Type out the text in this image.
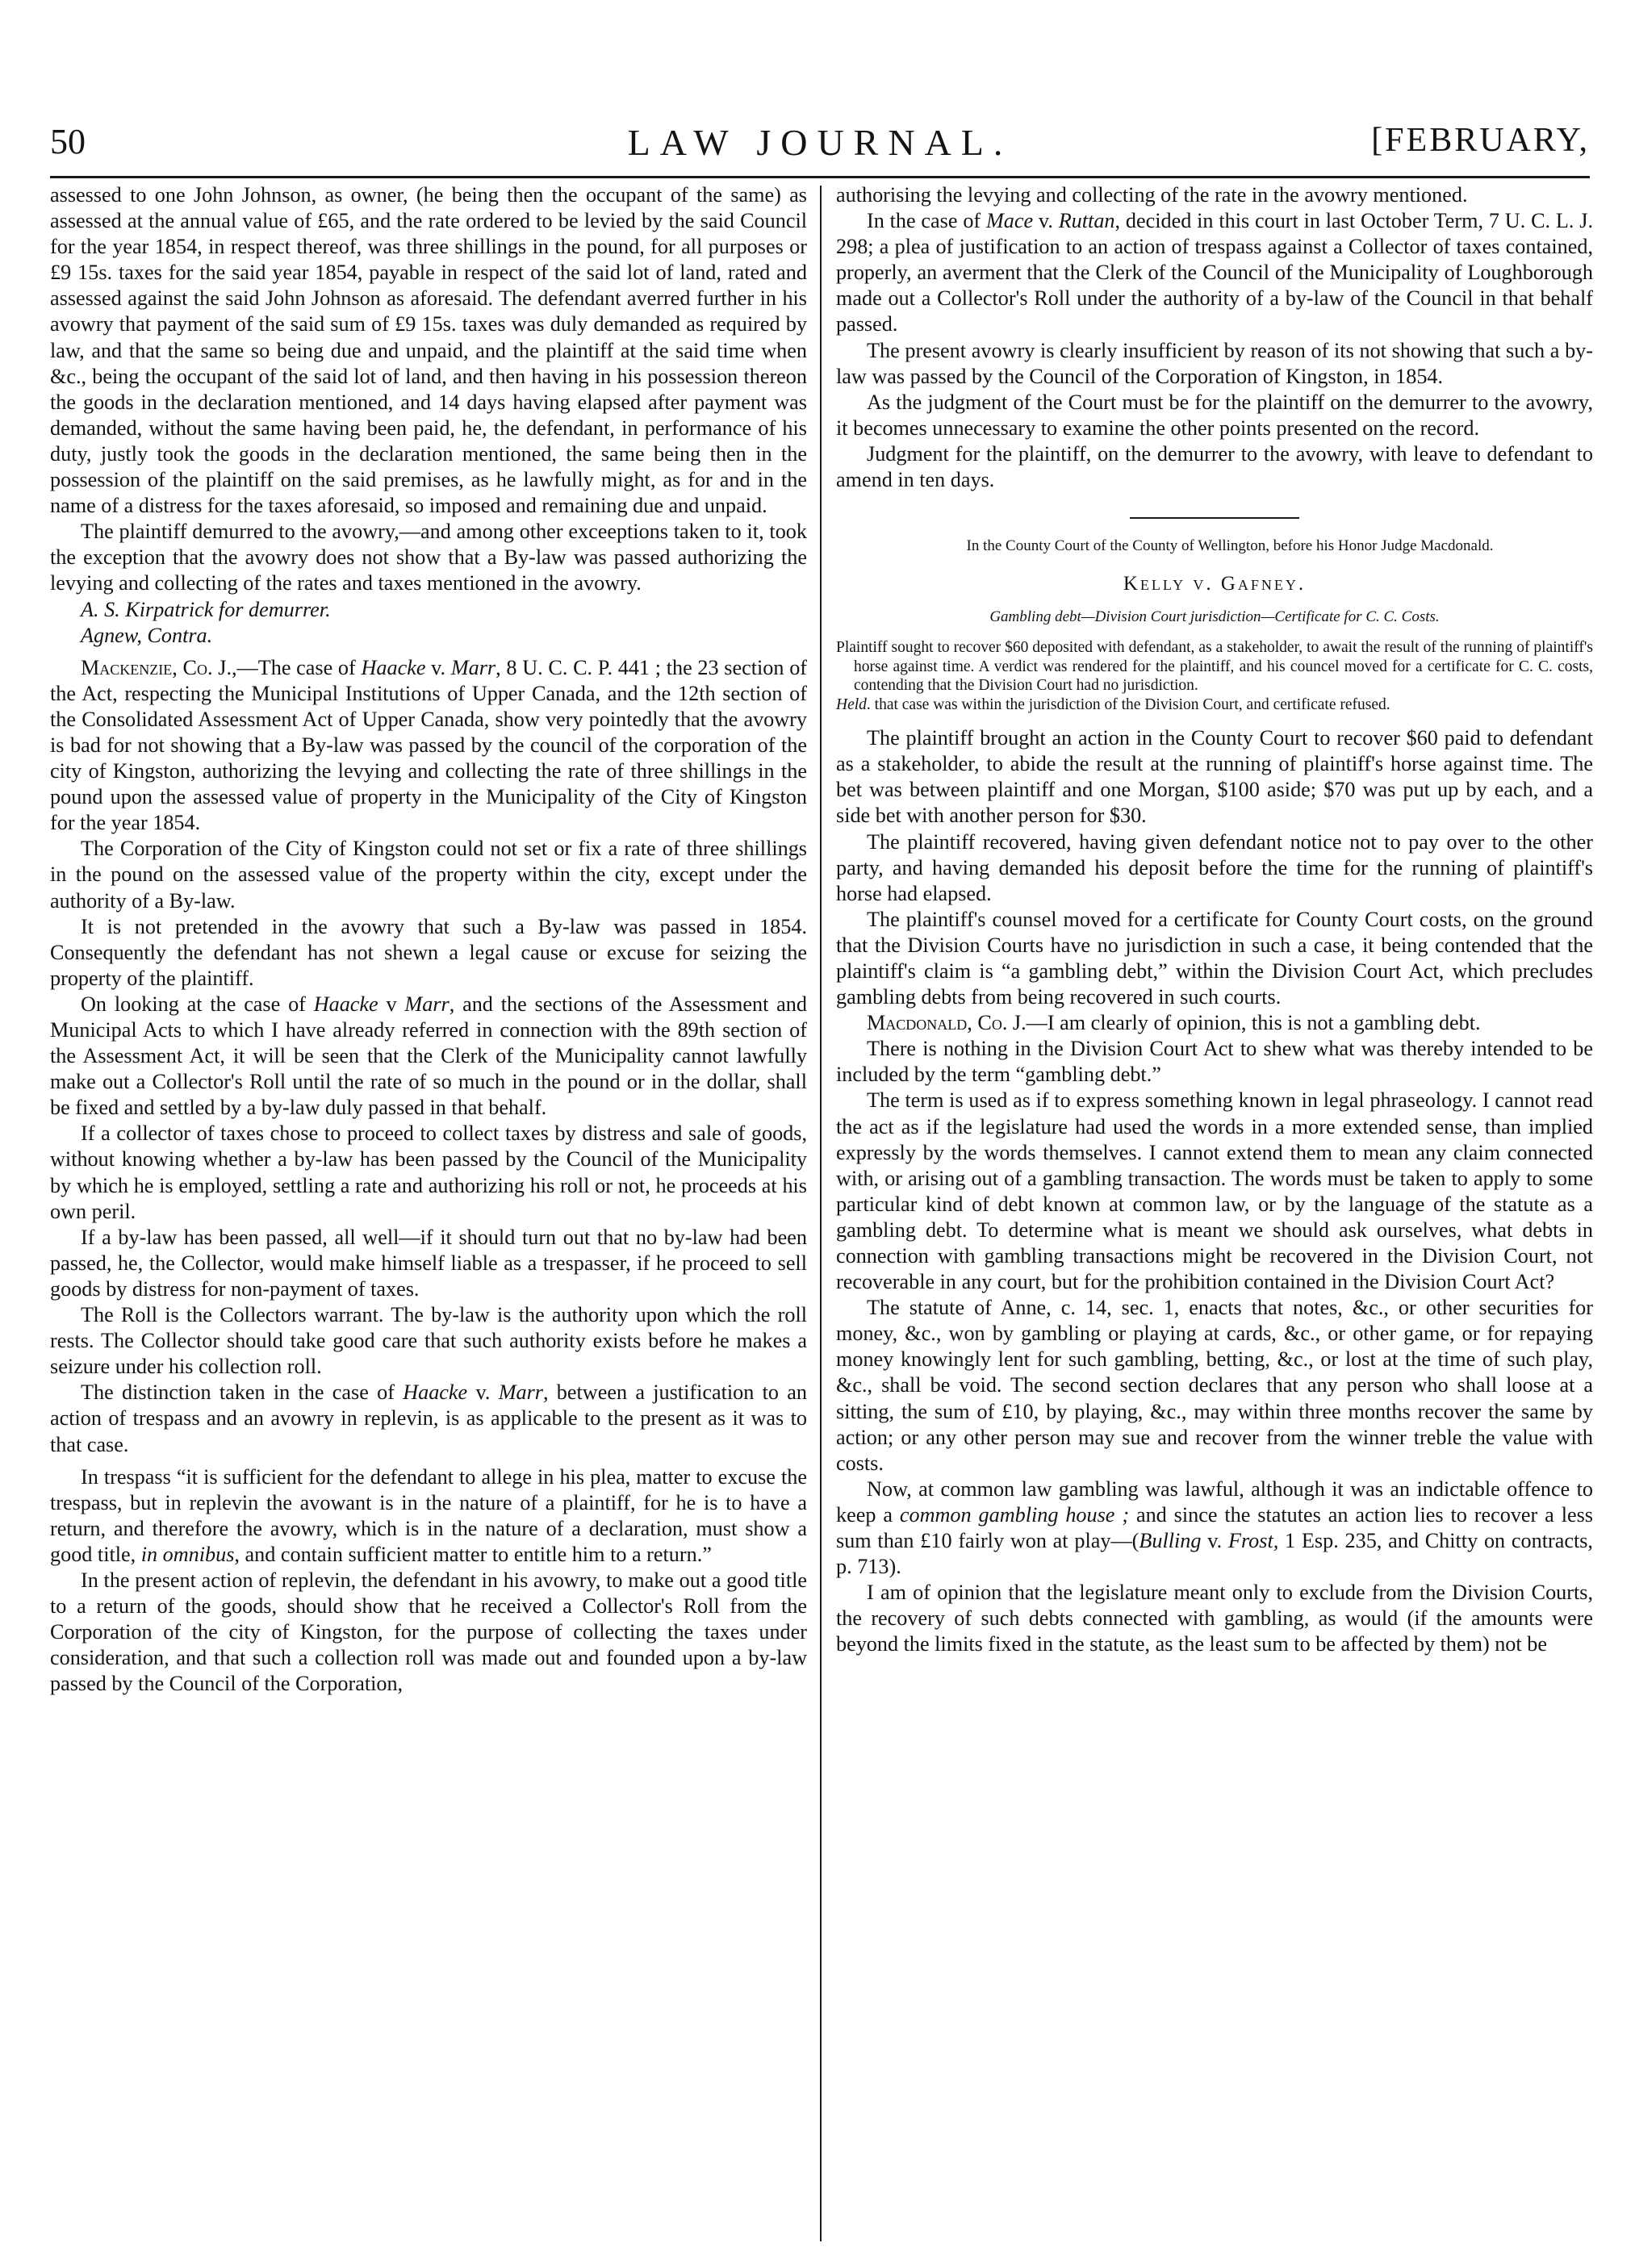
50	LAW JOURNAL.	[FEBRUARY,

assessed to one John Johnson, as owner, (he being then the occupant of the same) as assessed at the annual value of £65, and the rate ordered to be levied by the said Council for the year 1854, in respect thereof, was three shillings in the pound, for all purposes or £9 15s. taxes for the said year 1854, payable in respect of the said lot of land, rated and assessed against the said John Johnson as aforesaid. The defendant averred further in his avowry that payment of the said sum of £9 15s. taxes was duly demanded as required by law, and that the same so being due and unpaid, and the plaintiff at the said time when &c., being the occupant of the said lot of land, and then having in his possession thereon the goods in the declaration mentioned, and 14 days having elapsed after payment was demanded, without the same having been paid, he, the defendant, in performance of his duty, justly took the goods in the declaration mentioned, the same being then in the possession of the plaintiff on the said premises, as he lawfully might, as for and in the name of a distress for the taxes aforesaid, so imposed and remaining due and unpaid.

The plaintiff demurred to the avowry,—and among other exceeptions taken to it, took the exception that the avowry does not show that a By-law was passed authorizing the levying and collecting of the rates and taxes mentioned in the avowry.

A. S. Kirpatrick for demurrer.

Agnew, Contra.

Mackenzie, Co. J.,—The case of Haacke v. Marr, 8 U. C. C. P. 441 ; the 23 section of the Act, respecting the Municipal Institutions of Upper Canada, and the 12th section of the Consolidated Assessment Act of Upper Canada, show very pointedly that the avowry is bad for not showing that a By-law was passed by the council of the corporation of the city of Kingston, authorizing the levying and collecting the rate of three shillings in the pound upon the assessed value of property in the Municipality of the City of Kingston for the year 1854.

The Corporation of the City of Kingston could not set or fix a rate of three shillings in the pound on the assessed value of the property within the city, except under the authority of a By-law.

It is not pretended in the avowry that such a By-law was passed in 1854. Consequently the defendant has not shewn a legal cause or excuse for seizing the property of the plaintiff.

On looking at the case of Haacke v Marr, and the sections of the Assessment and Municipal Acts to which I have already referred in connection with the 89th section of the Assessment Act, it will be seen that the Clerk of the Municipality cannot lawfully make out a Collector's Roll until the rate of so much in the pound or in the dollar, shall be fixed and settled by a by-law duly passed in that behalf.

If a collector of taxes chose to proceed to collect taxes by distress and sale of goods, without knowing whether a by-law has been passed by the Council of the Municipality by which he is employed, settling a rate and authorizing his roll or not, he proceeds at his own peril.

If a by-law has been passed, all well—if it should turn out that no by-law had been passed, he, the Collector, would make himself liable as a trespasser, if he proceed to sell goods by distress for non-payment of taxes.

The Roll is the Collectors warrant. The by-law is the authority upon which the roll rests. The Collector should take good care that such authority exists before he makes a seizure under his collection roll.

The distinction taken in the case of Haacke v. Marr, between a justification to an action of trespass and an avowry in replevin, is as applicable to the present as it was to that case.

In trespass “it is sufficient for the defendant to allege in his plea, matter to excuse the trespass, but in replevin the avowant is in the nature of a plaintiff, for he is to have a return, and therefore the avowry, which is in the nature of a declaration, must show a good title, in omnibus, and contain sufficient matter to entitle him to a return.”

In the present action of replevin, the defendant in his avowry, to make out a good title to a return of the goods, should show that he received a Collector's Roll from the Corporation of the city of Kingston, for the purpose of collecting the taxes under consideration, and that such a collection roll was made out and founded upon a by-law passed by the Council of the Corporation,

authorising the levying and collecting of the rate in the avowry mentioned.

In the case of Mace v. Ruttan, decided in this court in last October Term, 7 U. C. L. J. 298; a plea of justification to an action of trespass against a Collector of taxes contained, properly, an averment that the Clerk of the Council of the Municipality of Loughborough made out a Collector's Roll under the authority of a by-law of the Council in that behalf passed.

The present avowry is clearly insufficient by reason of its not showing that such a by-law was passed by the Council of the Corporation of Kingston, in 1854.

As the judgment of the Court must be for the plaintiff on the demurrer to the avowry, it becomes unnecessary to examine the other points presented on the record.

Judgment for the plaintiff, on the demurrer to the avowry, with leave to defendant to amend in ten days.

In the County Court of the County of Wellington, before his Honor Judge Macdonald.

Kelly v. Gafney.
Gambling debt—Division Court jurisdiction—Certificate for C. C. Costs.

Plaintiff sought to recover $60 deposited with defendant, as a stakeholder, to await the result of the running of plaintiff's horse against time. A verdict was rendered for the plaintiff, and his councel moved for a certificate for C. C. costs, contending that the Division Court had no jurisdiction.

Held. that case was within the jurisdiction of the Division Court, and certificate refused.

The plaintiff brought an action in the County Court to recover $60 paid to defendant as a stakeholder, to abide the result at the running of plaintiff's horse against time. The bet was between plaintiff and one Morgan, $100 aside; $70 was put up by each, and a side bet with another person for $30.

The plaintiff recovered, having given defendant notice not to pay over to the other party, and having demanded his deposit before the time for the running of plaintiff's horse had elapsed.

The plaintiff's counsel moved for a certificate for County Court costs, on the ground that the Division Courts have no jurisdiction in such a case, it being contended that the plaintiff's claim is “a gambling debt,” within the Division Court Act, which precludes gambling debts from being recovered in such courts.

Macdonald, Co. J.—I am clearly of opinion, this is not a gambling debt.

There is nothing in the Division Court Act to shew what was thereby intended to be included by the term “gambling debt.”

The term is used as if to express something known in legal phraseology. I cannot read the act as if the legislature had used the words in a more extended sense, than implied expressly by the words themselves. I cannot extend them to mean any claim connected with, or arising out of a gambling transaction. The words must be taken to apply to some particular kind of debt known at common law, or by the language of the statute as a gambling debt. To determine what is meant we should ask ourselves, what debts in connection with gambling transactions might be recovered in the Division Court, not recoverable in any court, but for the prohibition contained in the Division Court Act?

The statute of Anne, c. 14, sec. 1, enacts that notes, &c., or other securities for money, &c., won by gambling or playing at cards, &c., or other game, or for repaying money knowingly lent for such gambling, betting, &c., or lost at the time of such play, &c., shall be void. The second section declares that any person who shall loose at a sitting, the sum of £10, by playing, &c., may within three months recover the same by action; or any other person may sue and recover from the winner treble the value with costs.

Now, at common law gambling was lawful, although it was an indictable offence to keep a common gambling house ; and since the statutes an action lies to recover a less sum than £10 fairly won at play—(Bulling v. Frost, 1 Esp. 235, and Chitty on contracts, p. 713).

I am of opinion that the legislature meant only to exclude from the Division Courts, the recovery of such debts connected with gambling, as would (if the amounts were beyond the limits fixed in the statute, as the least sum to be affected by them) not be
